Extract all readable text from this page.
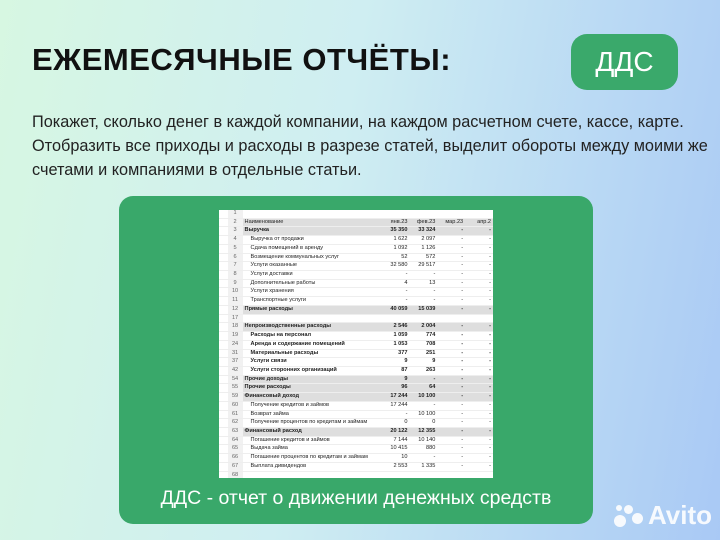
ЕЖЕМЕСЯЧНЫЕ ОТЧЁТЫ:	ДДС
Покажет, сколько денег в каждой компании, на каждом расчетном счете, кассе, карте. Отобразить все приходы и расходы в разрезе статей, выделит обороты между моими же счетами и компаниями в отдельные статьи.
	1					
	2	Наименование	янв.23	фев.23	мар.23	апр.2
	3	Выручка	35 350	33 324	-	-
	4	Выручка от продажи	1 622	2 097	-	-
	5	Сдача помещений в аренду	1 092	1 126	-	-
	6	Возмещение коммунальных услуг	52	572	-	-
	7	Услуги оказанные	32 580	29 517	-	-
	8	Услуги доставки	-	-	-	-
	9	Дополнительные работы	4	13	-	-
	10	Услуги хранения	-	-	-	-
	11	Транспортные услуги	-	-	-	-
	12	Прямые расходы	40 059	15 039	-	-
	17					
	18	Непроизводственные расходы	2 546	2 004	-	-
	19	Расходы на персонал	1 059	774	-	-
	24	Аренда и содержание помещений	1 053	708	-	-
	31	Материальные расходы	377	251	-	-
	37	Услуги связи	9	9	-	-
	42	Услуги сторонних организаций	87	263	-	-
	54	Прочие доходы	9	-	-	-
	55	Прочие расходы	96	64	-	-
	59	Финансовый доход	17 244	10 100	-	-
	60	Получение кредитов и займов	17 244	-	-	-
	61	Возврат займа	-	10 100	-	-
	62	Получение процентов по кредитам и займам	0	0	-	-
	63	Финансовый расход	20 122	12 355	-	-
	64	Погашение кредитов и займов	7 144	10 140	-	-
	65	Выдача займа	10 415	880	-	-
	66	Погашение процентов по кредитам и займам	10	-	-	-
	67	Выплата дивидендов	2 553	1 335	-	-
	68					

ДДС - отчет о движении денежных средств
Avito
